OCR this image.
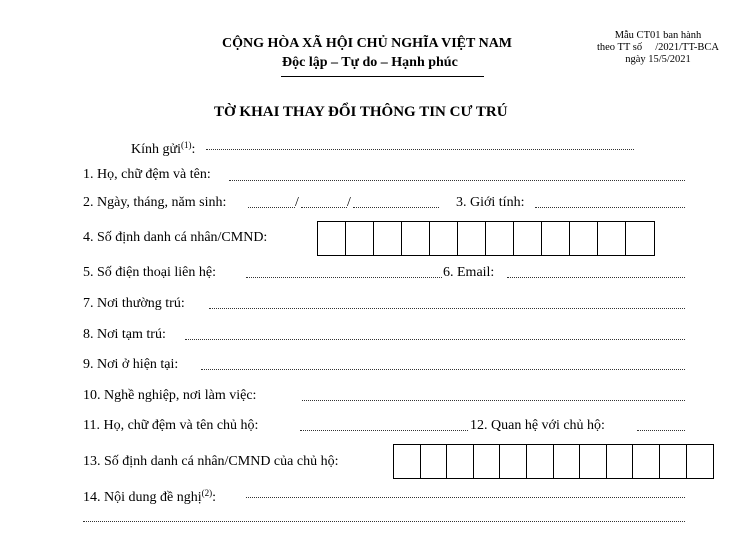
CỘNG HÒA XÃ HỘI CHỦ NGHĨA VIỆT NAM
Độc lập – Tự do – Hạnh phúc
Mẫu CT01 ban hành
theo TT số     /2021/TT-BCA
ngày 15/5/2021
TỜ KHAI THAY ĐỔI THÔNG TIN CƯ TRÚ
Kính gửi$^{(1)}$:
1. Họ, chữ đệm và tên:
2. Ngày, tháng, năm sinh:	/	/	3. Giới tính:
4. Số định danh cá nhân/CMND:
5. Số điện thoại liên hệ:	6. Email:
7. Nơi thường trú:
8. Nơi tạm trú:
9. Nơi ở hiện tại:
10. Nghề nghiệp, nơi làm việc:
11. Họ, chữ đệm và tên chủ hộ:	12. Quan hệ với chủ hộ:
13. Số định danh cá nhân/CMND của chủ hộ:
14. Nội dung đề nghị$^{(2)}$:
